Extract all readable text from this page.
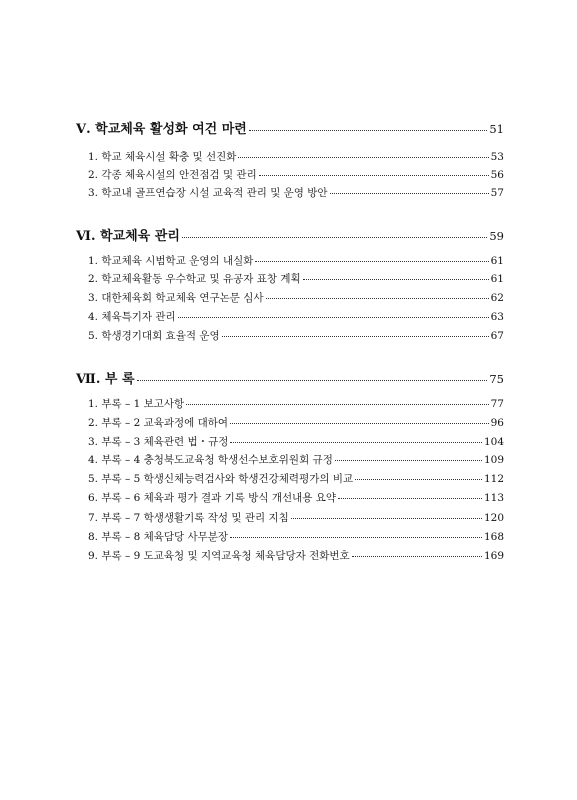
Ⅴ. 학교체육 활성화 여건 마련	51
1. 학교 체육시설 확충 및 선진화	53
2. 각종 체육시설의 안전점검 및 관리	56
3. 학교내 골프연습장 시설 교육적 관리 및 운영 방안	57
Ⅵ. 학교체육 관리	59
1. 학교체육 시범학교 운영의 내실화	61
2. 학교체육활동 우수학교 및 유공자 표창 계획	61
3. 대한체육회 학교체육 연구논문 심사	62
4. 체육특기자 관리	63
5. 학생경기대회 효율적 운영	67
Ⅶ. 부 록	75
1. 부록 – 1 보고사항	77
2. 부록 – 2 교육과정에 대하여	96
3. 부록 – 3 체육관련 법・규정	104
4. 부록 – 4 충청북도교육청 학생선수보호위원회 규정	109
5. 부록 – 5 학생신체능력검사와 학생건강체력평가의 비교	112
6. 부록 – 6 체육과 평가 결과 기록 방식 개선내용 요약	113
7. 부록 – 7 학생생활기록 작성 및 관리 지침	120
8. 부록 – 8 체육담당 사무분장	168
9. 부록 – 9 도교육청 및 지역교육청 체육담당자 전화번호	169
